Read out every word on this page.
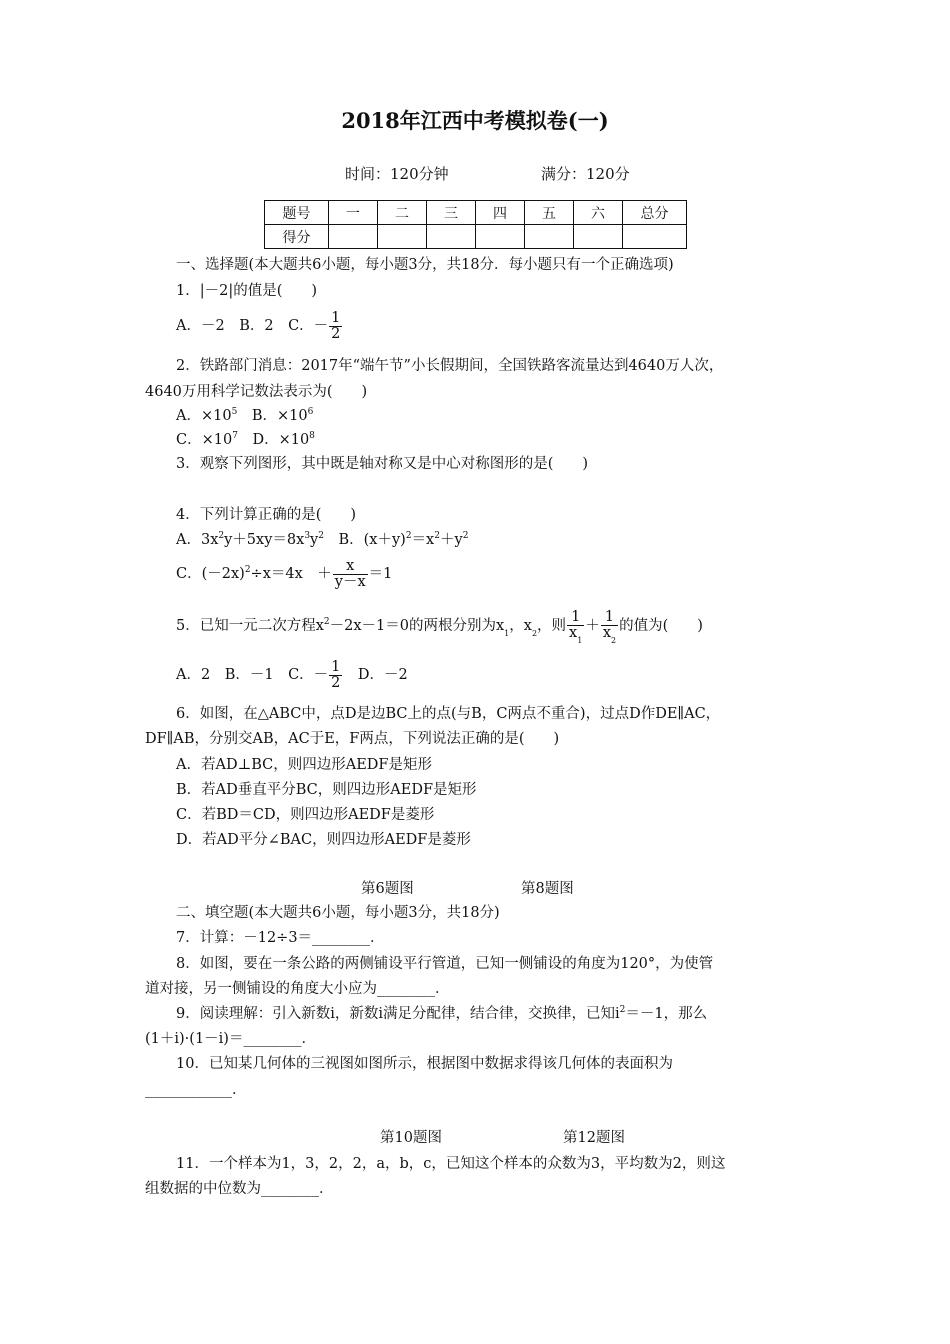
2018年江西中考模拟卷(一)
时间：120分钟	满分：120分
题号	一	二	三	四	五	六	总分
得分							
一、选择题(本大题共6小题，每小题3分，共18分．每小题只有一个正确选项)
1．|－2|的值是(　　)
A．－2　B．2　C．－ $\frac{1}{2}$
2．铁路部门消息：2017年“端午节”小长假期间，全国铁路客流量达到4640万人次，
4640万用科学记数法表示为(　　)
A．$\times 10^5$　 B．$\times 10^6$
C．$\times 10^7$　 D．$\times 10^8$
3．观察下列图形，其中既是轴对称又是中心对称图形的是(　　)
4．下列计算正确的是(　　)
A．$3x^2y+5xy=8x^3y^2$　 B．$(x+y)^2=x^2+y^2$
C．$(-2x)^2\div x=4x$　＋ $\frac{x}{y-x} =1$
5．已知一元二次方程$x^2-2x-1=0$的两根分别为$x_1$，$x_2$，则 $\frac{1}{x_1} + \frac{1}{x_2}$ 的值为(　　)
A．2　B．－1　C．－ $\frac{1}{2}$
　 D．－2
6．如图，在△ABC中，点D是边BC上的点(与B，C两点不重合)，过点D作DE∥AC，
DF∥AB，分别交AB，AC于E，F两点，下列说法正确的是(　　)
A．若AD⊥BC，则四边形AEDF是矩形
B．若AD垂直平分BC，则四边形AEDF是矩形
C．若BD＝CD，则四边形AEDF是菱形
D．若AD平分∠BAC，则四边形AEDF是菱形
第6题图	第8题图
二、填空题(本大题共6小题，每小题3分，共18分)
7．计算：－12÷3＝________．
8．如图，要在一条公路的两侧铺设平行管道，已知一侧铺设的角度为120°，为使管
道对接，另一侧铺设的角度大小应为________．
9．阅读理解：引入新数i，新数i满足分配律，结合律，交换律，已知$i^2=-1$，那么
(1＋i)·(1－i)＝________．
10．已知某几何体的三视图如图所示，根据图中数据求得该几何体的表面积为
____________．
第10题图	第12题图
11．一个样本为1，3，2，2，a，b，c，已知这个样本的众数为3，平均数为2，则这
组数据的中位数为________．
